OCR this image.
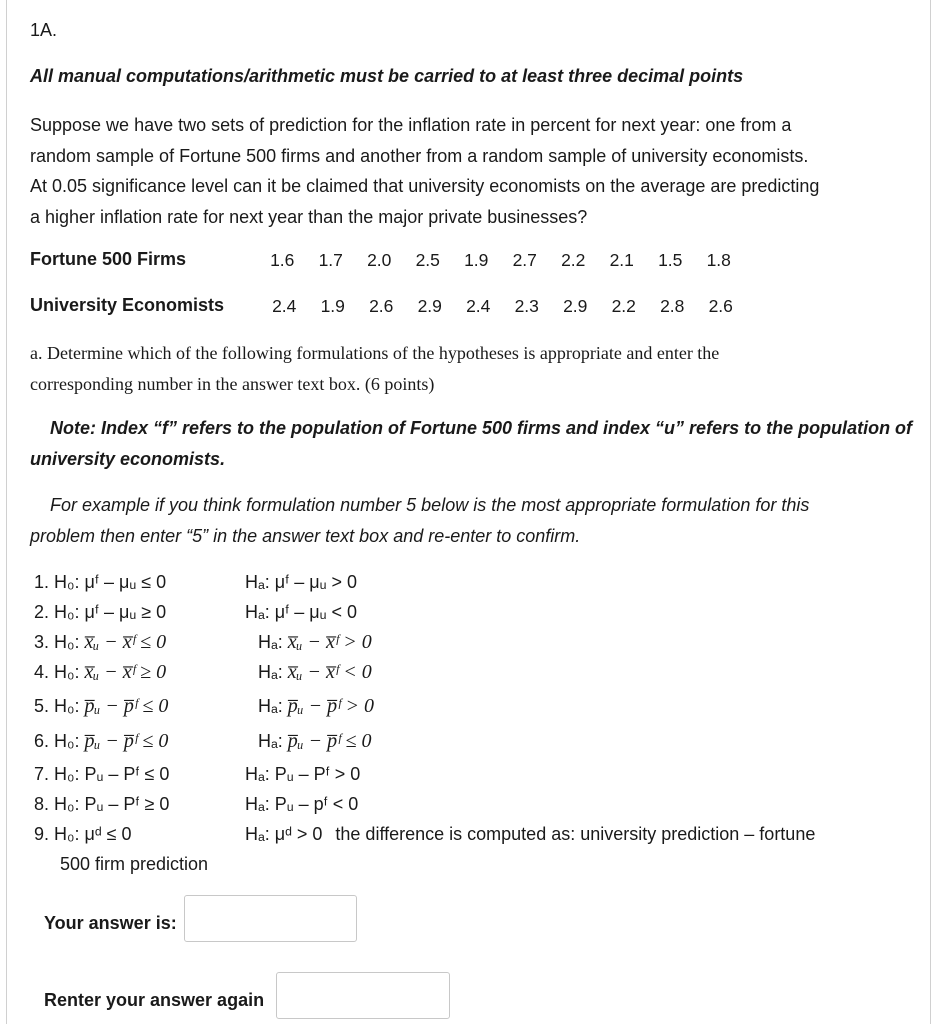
1A.
All manual computations/arithmetic must be carried to at least three decimal points
Suppose we have two sets of prediction for the inflation rate in percent for next year: one from a
random sample of Fortune 500 firms and another from a random sample of university economists.
At 0.05 significance level can it be claimed that university economists on the average are predicting
a higher inflation rate for next year than the major private businesses?
Fortune 500 Firms	1.6	1.7	2.0	2.5	1.9	2.7	2.2	2.1	1.5	1.8
University Economists	2.4	1.9	2.6	2.9	2.4	2.3	2.9	2.2	2.8	2.6
a. Determine which of the following formulations of the hypotheses is appropriate and enter the
corresponding number in the answer text box. (6 points)
Note: Index “f” refers to the population of Fortune 500 firms and index “u” refers to the population of
university economists.
For example if you think formulation number 5 below is the most appropriate formulation for this
problem then enter “5” in the answer text box and re-enter to confirm.
1. H₀: μᶠ – μᵤ ≤ 0	Hₐ: μᶠ – μᵤ > 0
2. H₀: μᶠ – μᵤ ≥ 0	Hₐ: μᶠ – μᵤ < 0
3. H₀: x̅ᵤ − x̅ᶠ ≤ 0	Hₐ: x̅ᵤ − x̅ᶠ > 0
4. H₀: x̅ᵤ − x̅ᶠ ≥ 0	Hₐ: x̅ᵤ − x̅ᶠ < 0
5. H₀: p̅ᵤ − p̅ᶠ ≤ 0	Hₐ: p̅ᵤ − p̅ᶠ > 0
6. H₀: p̅ᵤ − p̅ᶠ ≤ 0	Hₐ: p̅ᵤ − p̅ᶠ ≤ 0
7. H₀: Pᵤ – Pᶠ ≤ 0	Hₐ: Pᵤ – Pᶠ > 0
8. H₀: Pᵤ – Pᶠ ≥ 0	Hₐ: Pᵤ – pᶠ < 0
9. H₀: μᵈ ≤ 0	Hₐ: μᵈ > 0 the difference is computed as: university prediction – fortune
500 firm prediction
Your answer is:
Renter your answer again
